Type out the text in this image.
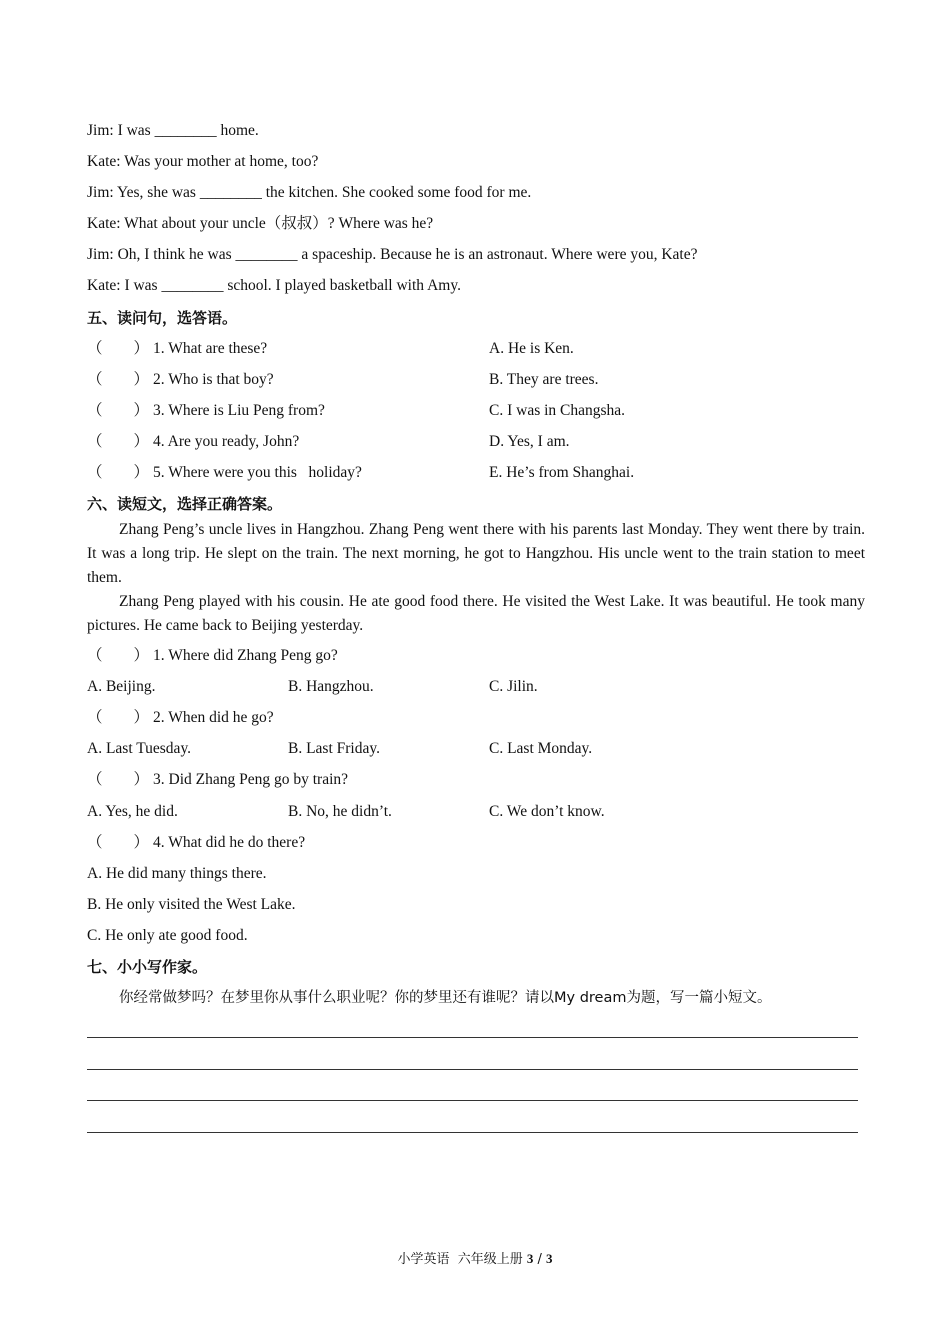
Jim: I was ________ home.
Kate: Was your mother at home, too?
Jim: Yes, she was ________ the kitchen. She cooked some food for me.
Kate: What about your uncle（叔叔）? Where was he?
Jim: Oh, I think he was ________ a spaceship. Because he is an astronaut. Where were you, Kate?
Kate: I was ________ school. I played basketball with Amy.
五、读问句，选答语。
（　　） 1. What are these?	A. He is Ken.
（　　） 2. Who is that boy?	B. They are trees.
（　　） 3. Where is Liu Peng from?	C. I was in Changsha.
（　　） 4. Are you ready, John?	D. Yes, I am.
（　　） 5. Where were you this   holiday?	E. He’s from Shanghai.
六、读短文，选择正确答案。
Zhang Peng’s uncle lives in Hangzhou. Zhang Peng went there with his parents last Monday. They went there by train. It was a long trip. He slept on the train. The next morning, he got to Hangzhou. His uncle went to the train station to meet them.
Zhang Peng played with his cousin. He ate good food there. He visited the West Lake. It was beautiful. He took many pictures. He came back to Beijing yesterday.
（　　） 1. Where did Zhang Peng go?
A. Beijing.	B. Hangzhou.	C. Jilin.
（　　） 2. When did he go?
A. Last Tuesday.	B. Last Friday.	C. Last Monday.
（　　） 3. Did Zhang Peng go by train?
A. Yes, he did.	B. No, he didn’t.	C. We don’t know.
（　　） 4. What did he do there?
A. He did many things there.
B. He only visited the West Lake.
C. He only ate good food.
七、小小写作家。
你经常做梦吗？在梦里你从事什么职业呢？你的梦里还有谁呢？请以My dream为题，写一篇小短文。
小学英语  六年级上册 3 / 3
